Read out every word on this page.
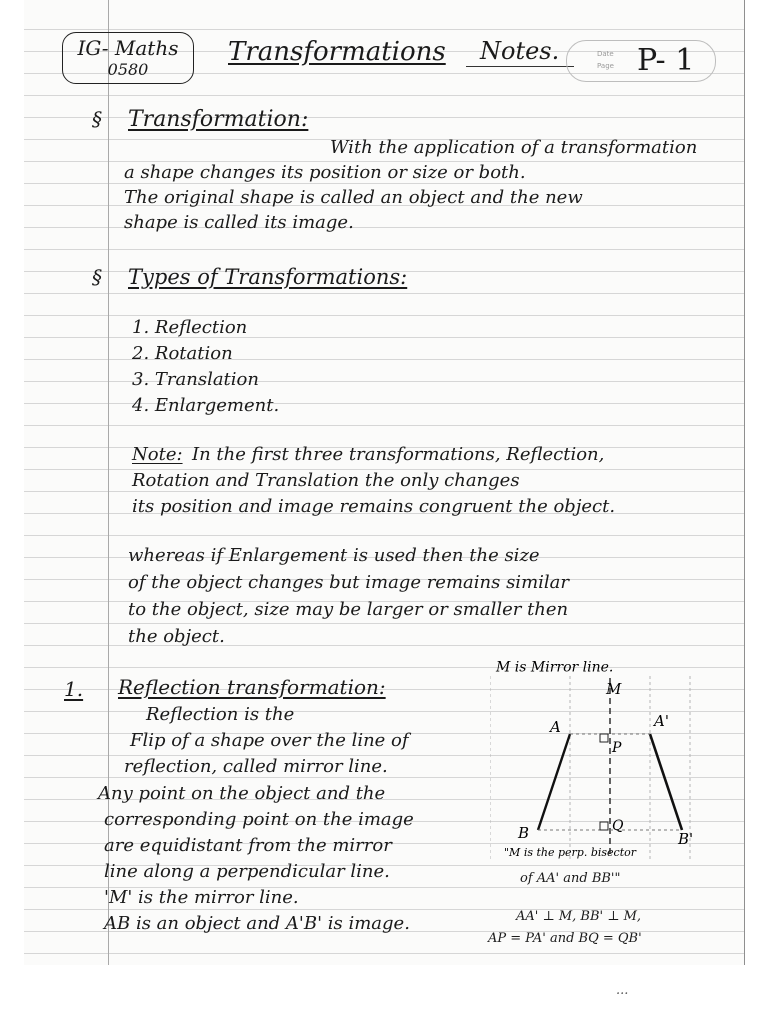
IG- Maths
0580
Transformations Notes.	Date
Page P- 1
§ Transformation:
With the application of a transformation
a shape changes its position or size or both.
The original shape is called an object and the new
shape is called its image.
§ Types of Transformations:
1. Reflection
2. Rotation
3. Translation
4. Enlargement.
Note: In the first three transformations, Reflection,
Rotation and Translation the only changes
its position and image remains congruent the object.
whereas if Enlargement is used then the size
of the object changes but image remains similar
to the object, size may be larger or smaller then
the object.
1. Reflection transformation:
Reflection is the
Flip of a shape over the line of
reflection, called mirror line.
Any point on the object and the
corresponding point on the image
are equidistant from the mirror
line along a perpendicular line.
'M' is the mirror line.
AB is an object and A'B' is image.
M is Mirror line.
M
A	A'
P
B	Q
B'
"M is the perp. bisector
of AA' and BB'"
AA' ⊥ M, BB' ⊥ M,
AP = PA' and BQ = QB'
...
